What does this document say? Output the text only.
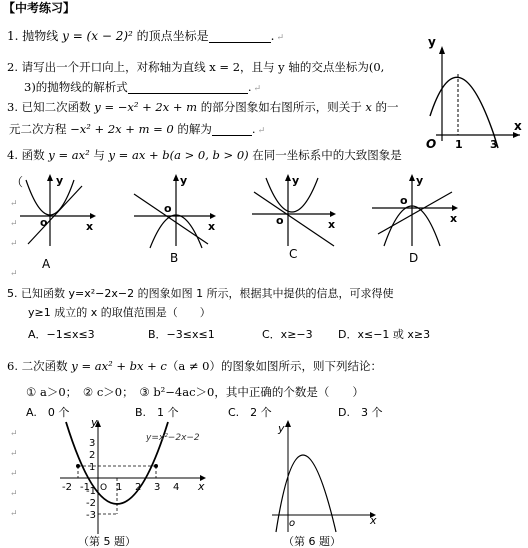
【中考练习】
1. 抛物线 y = (x − 2)² 的顶点坐标是	. ↵
2. 请写出一个开口向上，对称轴为直线 x = 2，且与 y 轴的交点坐标为(0,
3)的抛物线的解析式	. ↵
3. 已知二次函数 y = −x² + 2x + m 的部分图象如右图所示，则关于 x 的一
元二次方程 −x² + 2x + m = 0 的解为	. ↵
y
x
O 1 3
4. 函数 y = ax² 与 y = ax + b(a > 0, b > 0) 在同一坐标系中的大致图象是
（	y
x
o
A
y
x
o
B
y
x
o
C
y
x
o
D
↵
↵
↵
↵
5. 已知函数 y=x²−2x−2 的图象如图 1 所示，根据其中提供的信息，可求得使
y≥1 成立的 x 的取值范围是（　　）
A．−1≤x≤3	B．−3≤x≤1	C．x≥−3 D．x≤−1 或 x≥3
6. 二次函数 y = ax² + bx + c（a ≠ 0）的图象如图所示，则下列结论：
① a＞0；　② c＞0；　③ b²−4ac＞0，其中正确的个数是（　　）
A.　0 个	B.　1 个	C.　2 个	D.　3 个
-2 -1	1 2 3 4
3
2
1
-1
-2
-3
y
x
O
y=x²−2x−2
（第 5 题）
y
x
o
（第 6 题）
↵
↵
↵
↵
↵
